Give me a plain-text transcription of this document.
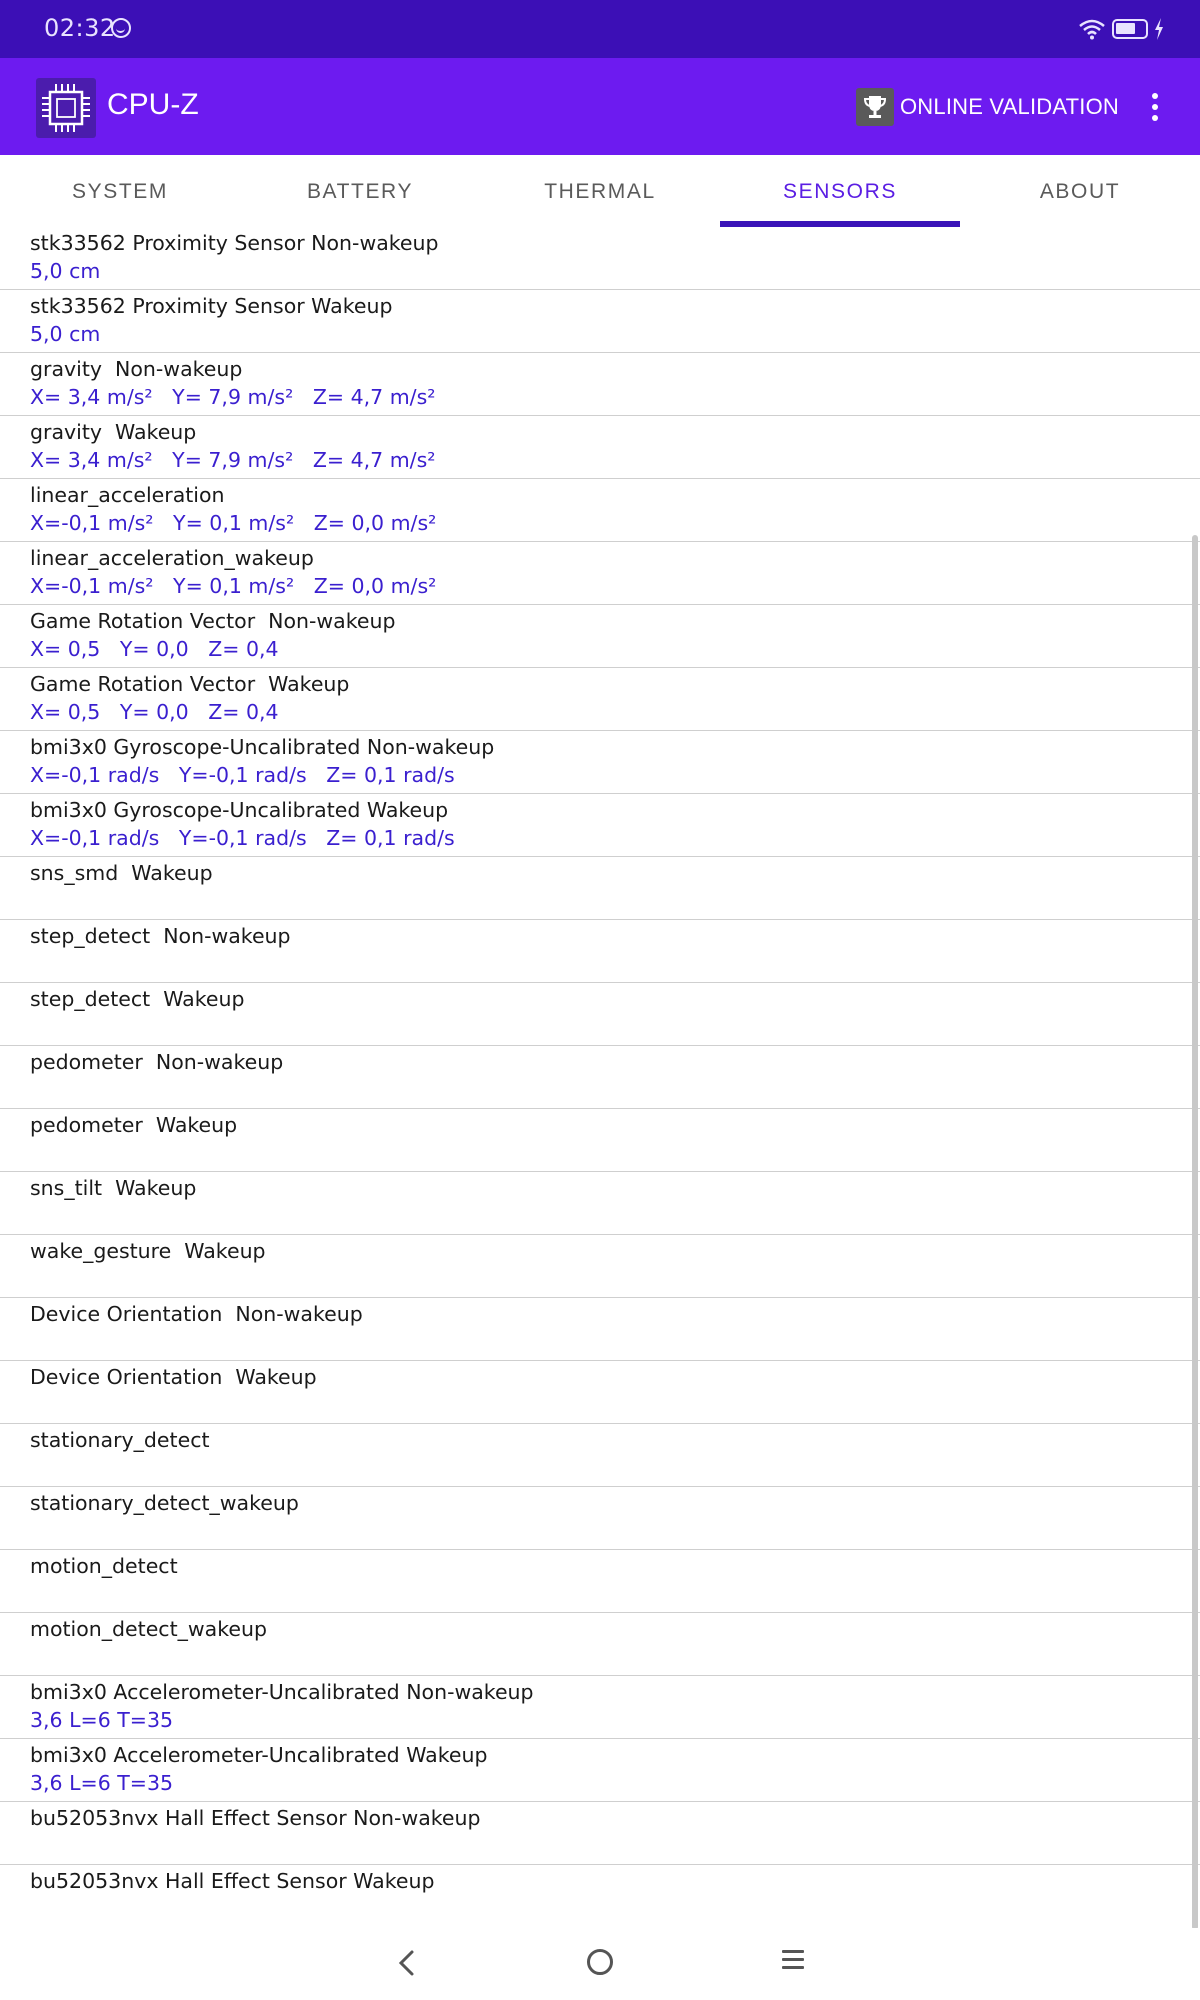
02:32
CPU-Z	ONLINE VALIDATION
SYSTEM	BATTERY	THERMAL	SENSORS	ABOUT
stk33562 Proximity Sensor Non-wakeup
5,0 cm
stk33562 Proximity Sensor Wakeup
5,0 cm
gravity  Non-wakeup
X= 3,4 m/s²   Y= 7,9 m/s²   Z= 4,7 m/s²
gravity  Wakeup
X= 3,4 m/s²   Y= 7,9 m/s²   Z= 4,7 m/s²
linear_acceleration
X=-0,1 m/s²   Y= 0,1 m/s²   Z= 0,0 m/s²
linear_acceleration_wakeup
X=-0,1 m/s²   Y= 0,1 m/s²   Z= 0,0 m/s²
Game Rotation Vector  Non-wakeup
X= 0,5   Y= 0,0   Z= 0,4
Game Rotation Vector  Wakeup
X= 0,5   Y= 0,0   Z= 0,4
bmi3x0 Gyroscope-Uncalibrated Non-wakeup
X=-0,1 rad/s   Y=-0,1 rad/s   Z= 0,1 rad/s
bmi3x0 Gyroscope-Uncalibrated Wakeup
X=-0,1 rad/s   Y=-0,1 rad/s   Z= 0,1 rad/s
sns_smd  Wakeup
step_detect  Non-wakeup
step_detect  Wakeup
pedometer  Non-wakeup
pedometer  Wakeup
sns_tilt  Wakeup
wake_gesture  Wakeup
Device Orientation  Non-wakeup
Device Orientation  Wakeup
stationary_detect
stationary_detect_wakeup
motion_detect
motion_detect_wakeup
bmi3x0 Accelerometer-Uncalibrated Non-wakeup
3,6 L=6 T=35
bmi3x0 Accelerometer-Uncalibrated Wakeup
3,6 L=6 T=35
bu52053nvx Hall Effect Sensor Non-wakeup
bu52053nvx Hall Effect Sensor Wakeup
